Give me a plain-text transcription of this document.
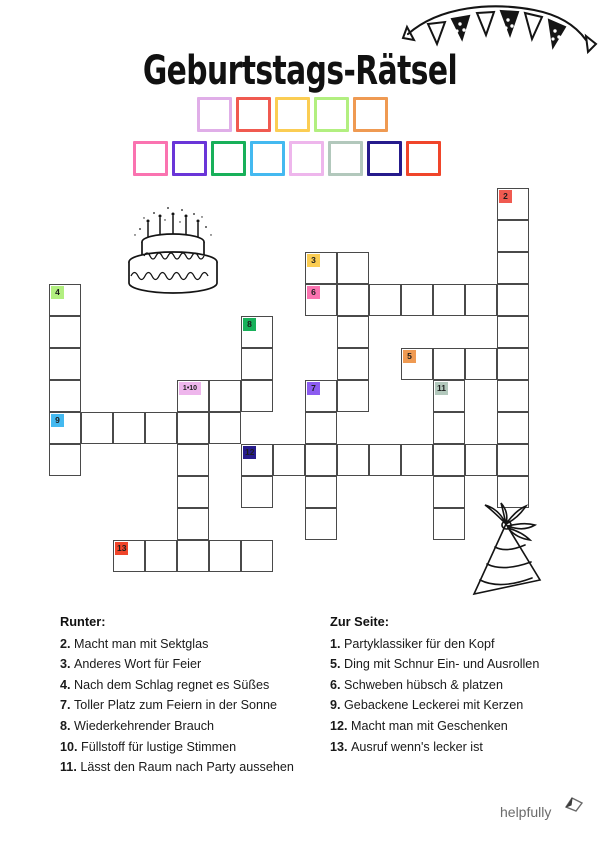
Geburtstags-Rätsel
2
3
6
4
8
5
1•10	7	11
9
12
13
Runter:
2. Macht man mit Sektglas
3. Anderes Wort für Feier
4. Nach dem Schlag regnet es Süßes
7. Toller Platz zum Feiern in der Sonne
8. Wiederkehrender Brauch
10. Füllstoff für lustige Stimmen
11. Lässt den Raum nach Party aussehen
Zur Seite:
1. Partyklassiker für den Kopf
5. Ding mit Schnur Ein- und Ausrollen
6. Schweben hübsch & platzen
9. Gebackene Leckerei mit Kerzen
12. Macht man mit Geschenken
13. Ausruf wenn's lecker ist
helpfully
